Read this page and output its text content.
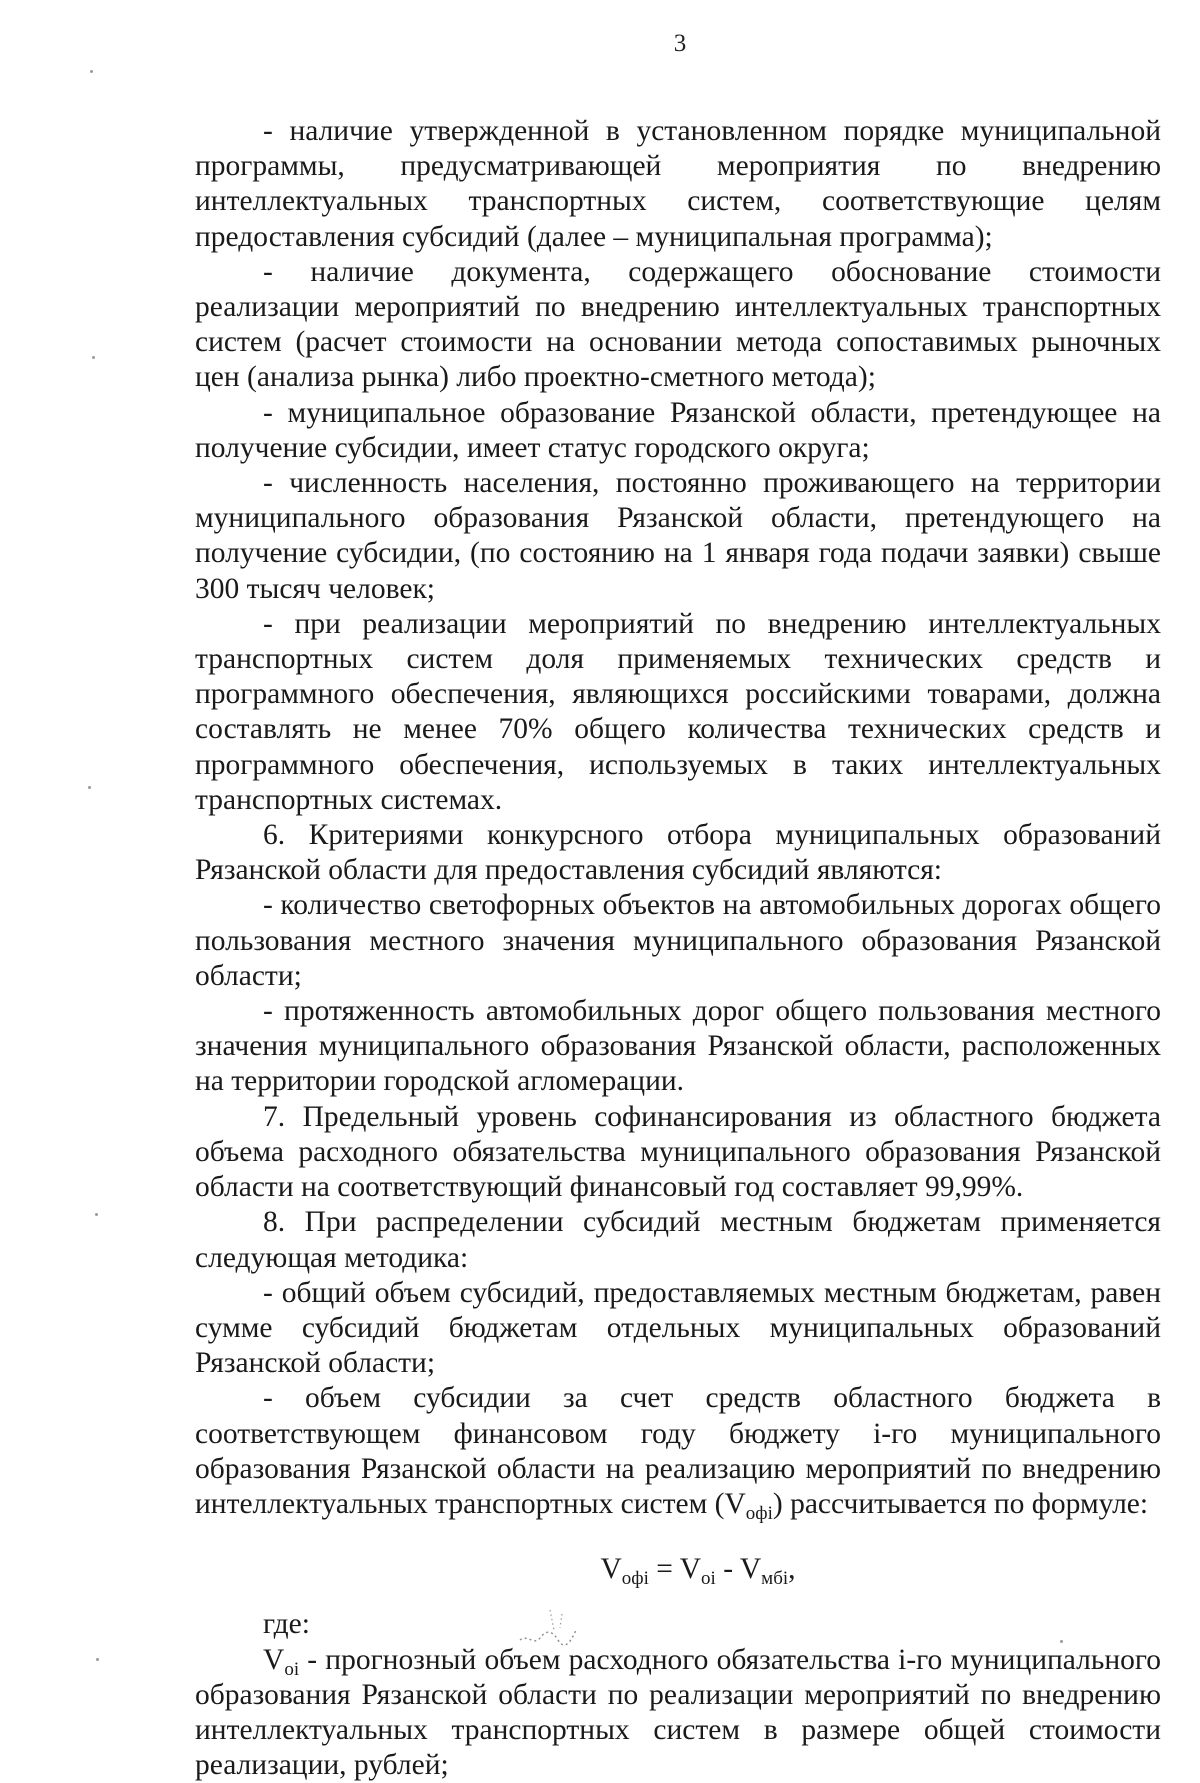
3

- наличие утвержденной в установленном порядке муниципальной программы, предусматривающей мероприятия по внедрению интеллектуальных транспортных систем, соответствующие целям предоставления субсидий (далее – муниципальная программа);

- наличие документа, содержащего обоснование стоимости реализации мероприятий по внедрению интеллектуальных транспортных систем (расчет стоимости на основании метода сопоставимых рыночных цен (анализа рынка) либо проектно-сметного метода);

- муниципальное образование Рязанской области, претендующее на получение субсидии, имеет статус городского округа;

- численность населения, постоянно проживающего на территории муниципального образования Рязанской области, претендующего на получение субсидии, (по состоянию на 1 января года подачи заявки) свыше 300 тысяч человек;

- при реализации мероприятий по внедрению интеллектуальных транспортных систем доля применяемых технических средств и программного обеспечения, являющихся российскими товарами, должна составлять не менее 70% общего количества технических средств и программного обеспечения, используемых в таких интеллектуальных транспортных системах.

6. Критериями конкурсного отбора муниципальных образований Рязанской области для предоставления субсидий являются:

- количество светофорных объектов на автомобильных дорогах общего пользования местного значения муниципального образования Рязанской области;

- протяженность автомобильных дорог общего пользования местного значения муниципального образования Рязанской области, расположенных на территории городской агломерации.

7. Предельный уровень софинансирования из областного бюджета объема расходного обязательства муниципального образования Рязанской области на соответствующий финансовый год составляет 99,99%.

8. При распределении субсидий местным бюджетам применяется следующая методика:

- общий объем субсидий, предоставляемых местным бюджетам, равен сумме субсидий бюджетам отдельных муниципальных образований Рязанской области;

- объем субсидии за счет средств областного бюджета в соответствующем финансовом году бюджету i-го муниципального образования Рязанской области на реализацию мероприятий по внедрению интеллектуальных транспортных систем $(V_{офi})$ рассчитывается по формуле:

$V_{офi} = V_{oi} - V_{мбi}$,

где:

$V_{oi}$ - прогнозный объем расходного обязательства i-го муниципального образования Рязанской области по реализации мероприятий по внедрению интеллектуальных транспортных систем в размере общей стоимости реализации, рублей;
